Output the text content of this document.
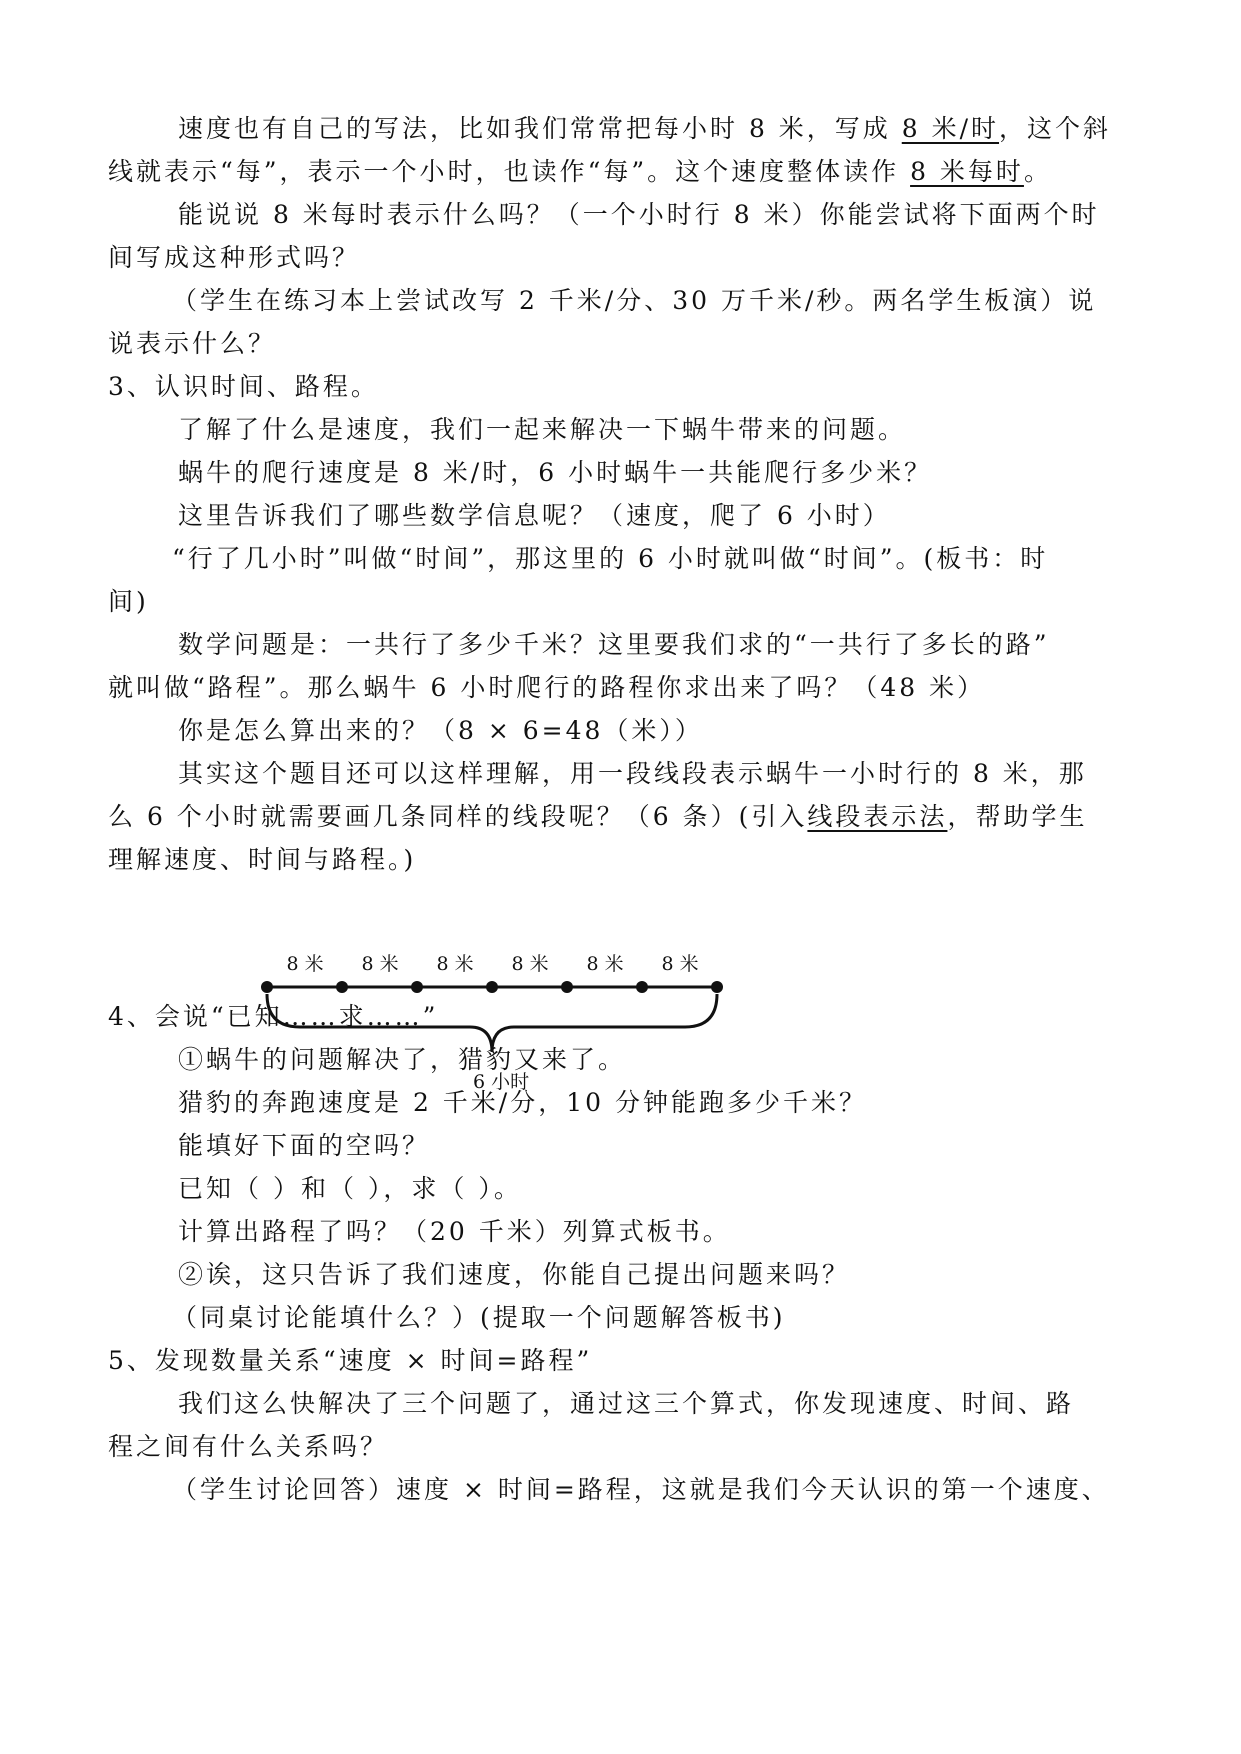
速度也有自己的写法，比如我们常常把每小时 8 米，写成 8 米/时，这个斜
线就表示“每”，表示一个小时，也读作“每”。这个速度整体读作 8 米每时。
能说说 8 米每时表示什么吗？（一个小时行 8 米）你能尝试将下面两个时
间写成这种形式吗？
（学生在练习本上尝试改写 2 千米/分、30 万千米/秒。两名学生板演）说
说表示什么？
3、认识时间、路程。
了解了什么是速度，我们一起来解决一下蜗牛带来的问题。
蜗牛的爬行速度是 8 米/时，6 小时蜗牛一共能爬行多少米？
这里告诉我们了哪些数学信息呢？（速度，爬了 6 小时）
“行了几小时”叫做“时间”，那这里的 6 小时就叫做“时间”。(板书：时
间)
数学问题是：一共行了多少千米？这里要我们求的“一共行了多长的路”
就叫做“路程”。那么蜗牛 6 小时爬行的路程你求出来了吗？（48 米）
你是怎么算出来的？（8 × 6=48（米））
其实这个题目还可以这样理解，用一段线段表示蜗牛一小时行的 8 米，那
么 6 个小时就需要画几条同样的线段呢？（6 条）(引入线段表示法，帮助学生
理解速度、时间与路程。)
4、会说“已知……求……”
①蜗牛的问题解决了，猎豹又来了。
猎豹的奔跑速度是 2 千米/分，10 分钟能跑多少千米？
能填好下面的空吗？
已知（ ）和（ ），求（ ）。
计算出路程了吗？（20 千米）列算式板书。
②诶，这只告诉了我们速度，你能自己提出问题来吗？
（同桌讨论能填什么？）(提取一个问题解答板书)
5、发现数量关系“速度 × 时间=路程”
我们这么快解决了三个问题了，通过这三个算式，你发现速度、时间、路
程之间有什么关系吗？
（学生讨论回答）速度 × 时间=路程，这就是我们今天认识的第一个速度、
8 米 8 米 8 米 8 米 8 米 8 米
6 小时
